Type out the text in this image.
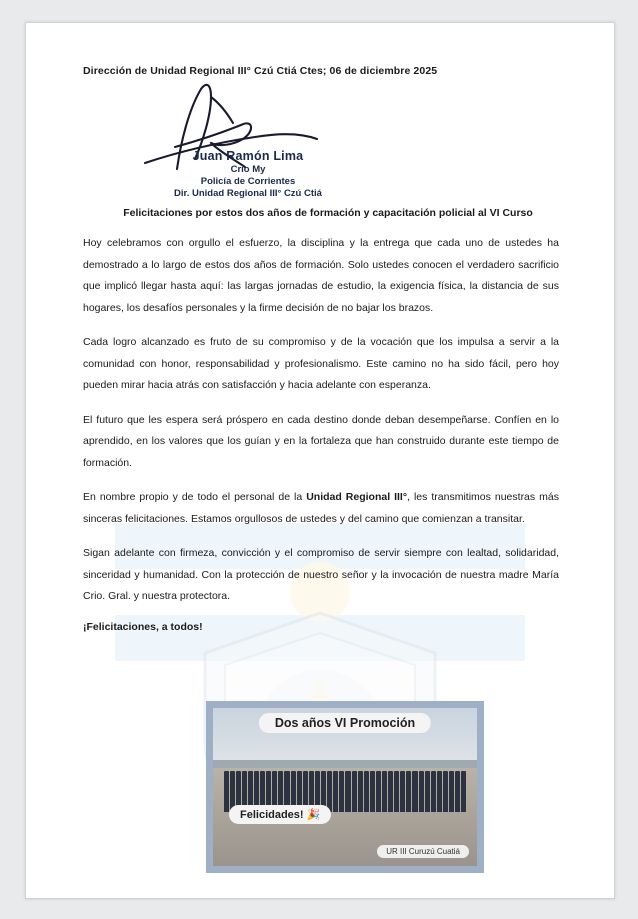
Dirección de Unidad Regional III° Czú Ctiá Ctes; 06 de diciembre 2025
Juan Ramón Lima
Crio My
Policía de Corrientes
Dir. Unidad Regional III° Czú Ctiá
Felicitaciones por estos dos años de formación y capacitación policial al VI Curso

Hoy celebramos con orgullo el esfuerzo, la disciplina y la entrega que cada uno de ustedes ha demostrado a lo largo de estos dos años de formación. Solo ustedes conocen el verdadero sacrificio que implicó llegar hasta aquí: las largas jornadas de estudio, la exigencia física, la distancia de sus hogares, los desafíos personales y la firme decisión de no bajar los brazos.

Cada logro alcanzado es fruto de su compromiso y de la vocación que los impulsa a servir a la comunidad con honor, responsabilidad y profesionalismo. Este camino no ha sido fácil, pero hoy pueden mirar hacia atrás con satisfacción y hacia adelante con esperanza.

El futuro que les espera será próspero en cada destino donde deban desempeñarse. Confíen en lo aprendido, en los valores que los guían y en la fortaleza que han construido durante este tiempo de formación.

En nombre propio y de todo el personal de la Unidad Regional III°, les transmitimos nuestras más sinceras felicitaciones. Estamos orgullosos de ustedes y del camino que comienzan a transitar.

Sigan adelante con firmeza, convicción y el compromiso de servir siempre con lealtad, solidaridad, sinceridad y humanidad. Con la protección de nuestro señor y la invocación de nuestra madre María Crio. Gral. y nuestra protectora.

¡Felicitaciones, a todos!
Dos años VI Promoción
Felicidades! 🎉
UR III Curuzú Cuatiá
